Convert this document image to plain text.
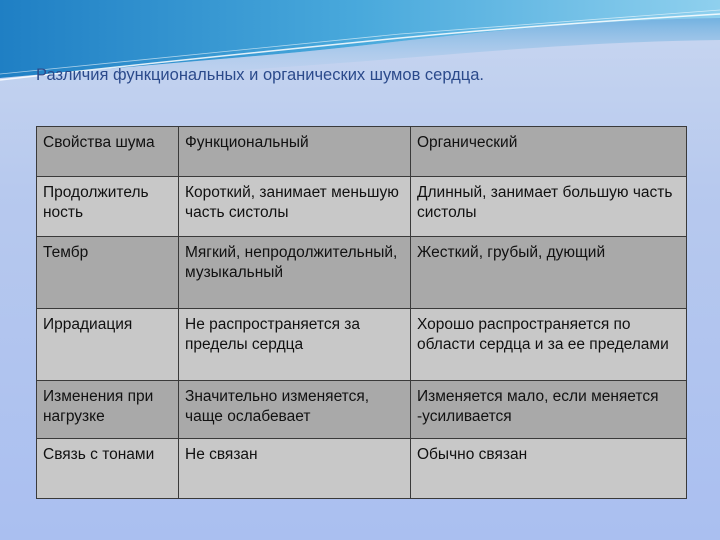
Различия функциональных и органических шумов сердца.
Свойства шума	Функциональный	Органический
Продолжитель ность	Короткий, занимает меньшую часть систолы	Длинный, занимает большую часть систолы
Тембр	Мягкий, непродолжительный, музыкальный	Жесткий, грубый, дующий
Иррадиация	Не распространяется за пределы сердца	Хорошо распространяется по области сердца и за ее пределами
Изменения при нагрузке	Значительно изменяется, чаще ослабевает	Изменяется мало, если меняется -усиливается
Связь с тонами	Не связан	Обычно связан
